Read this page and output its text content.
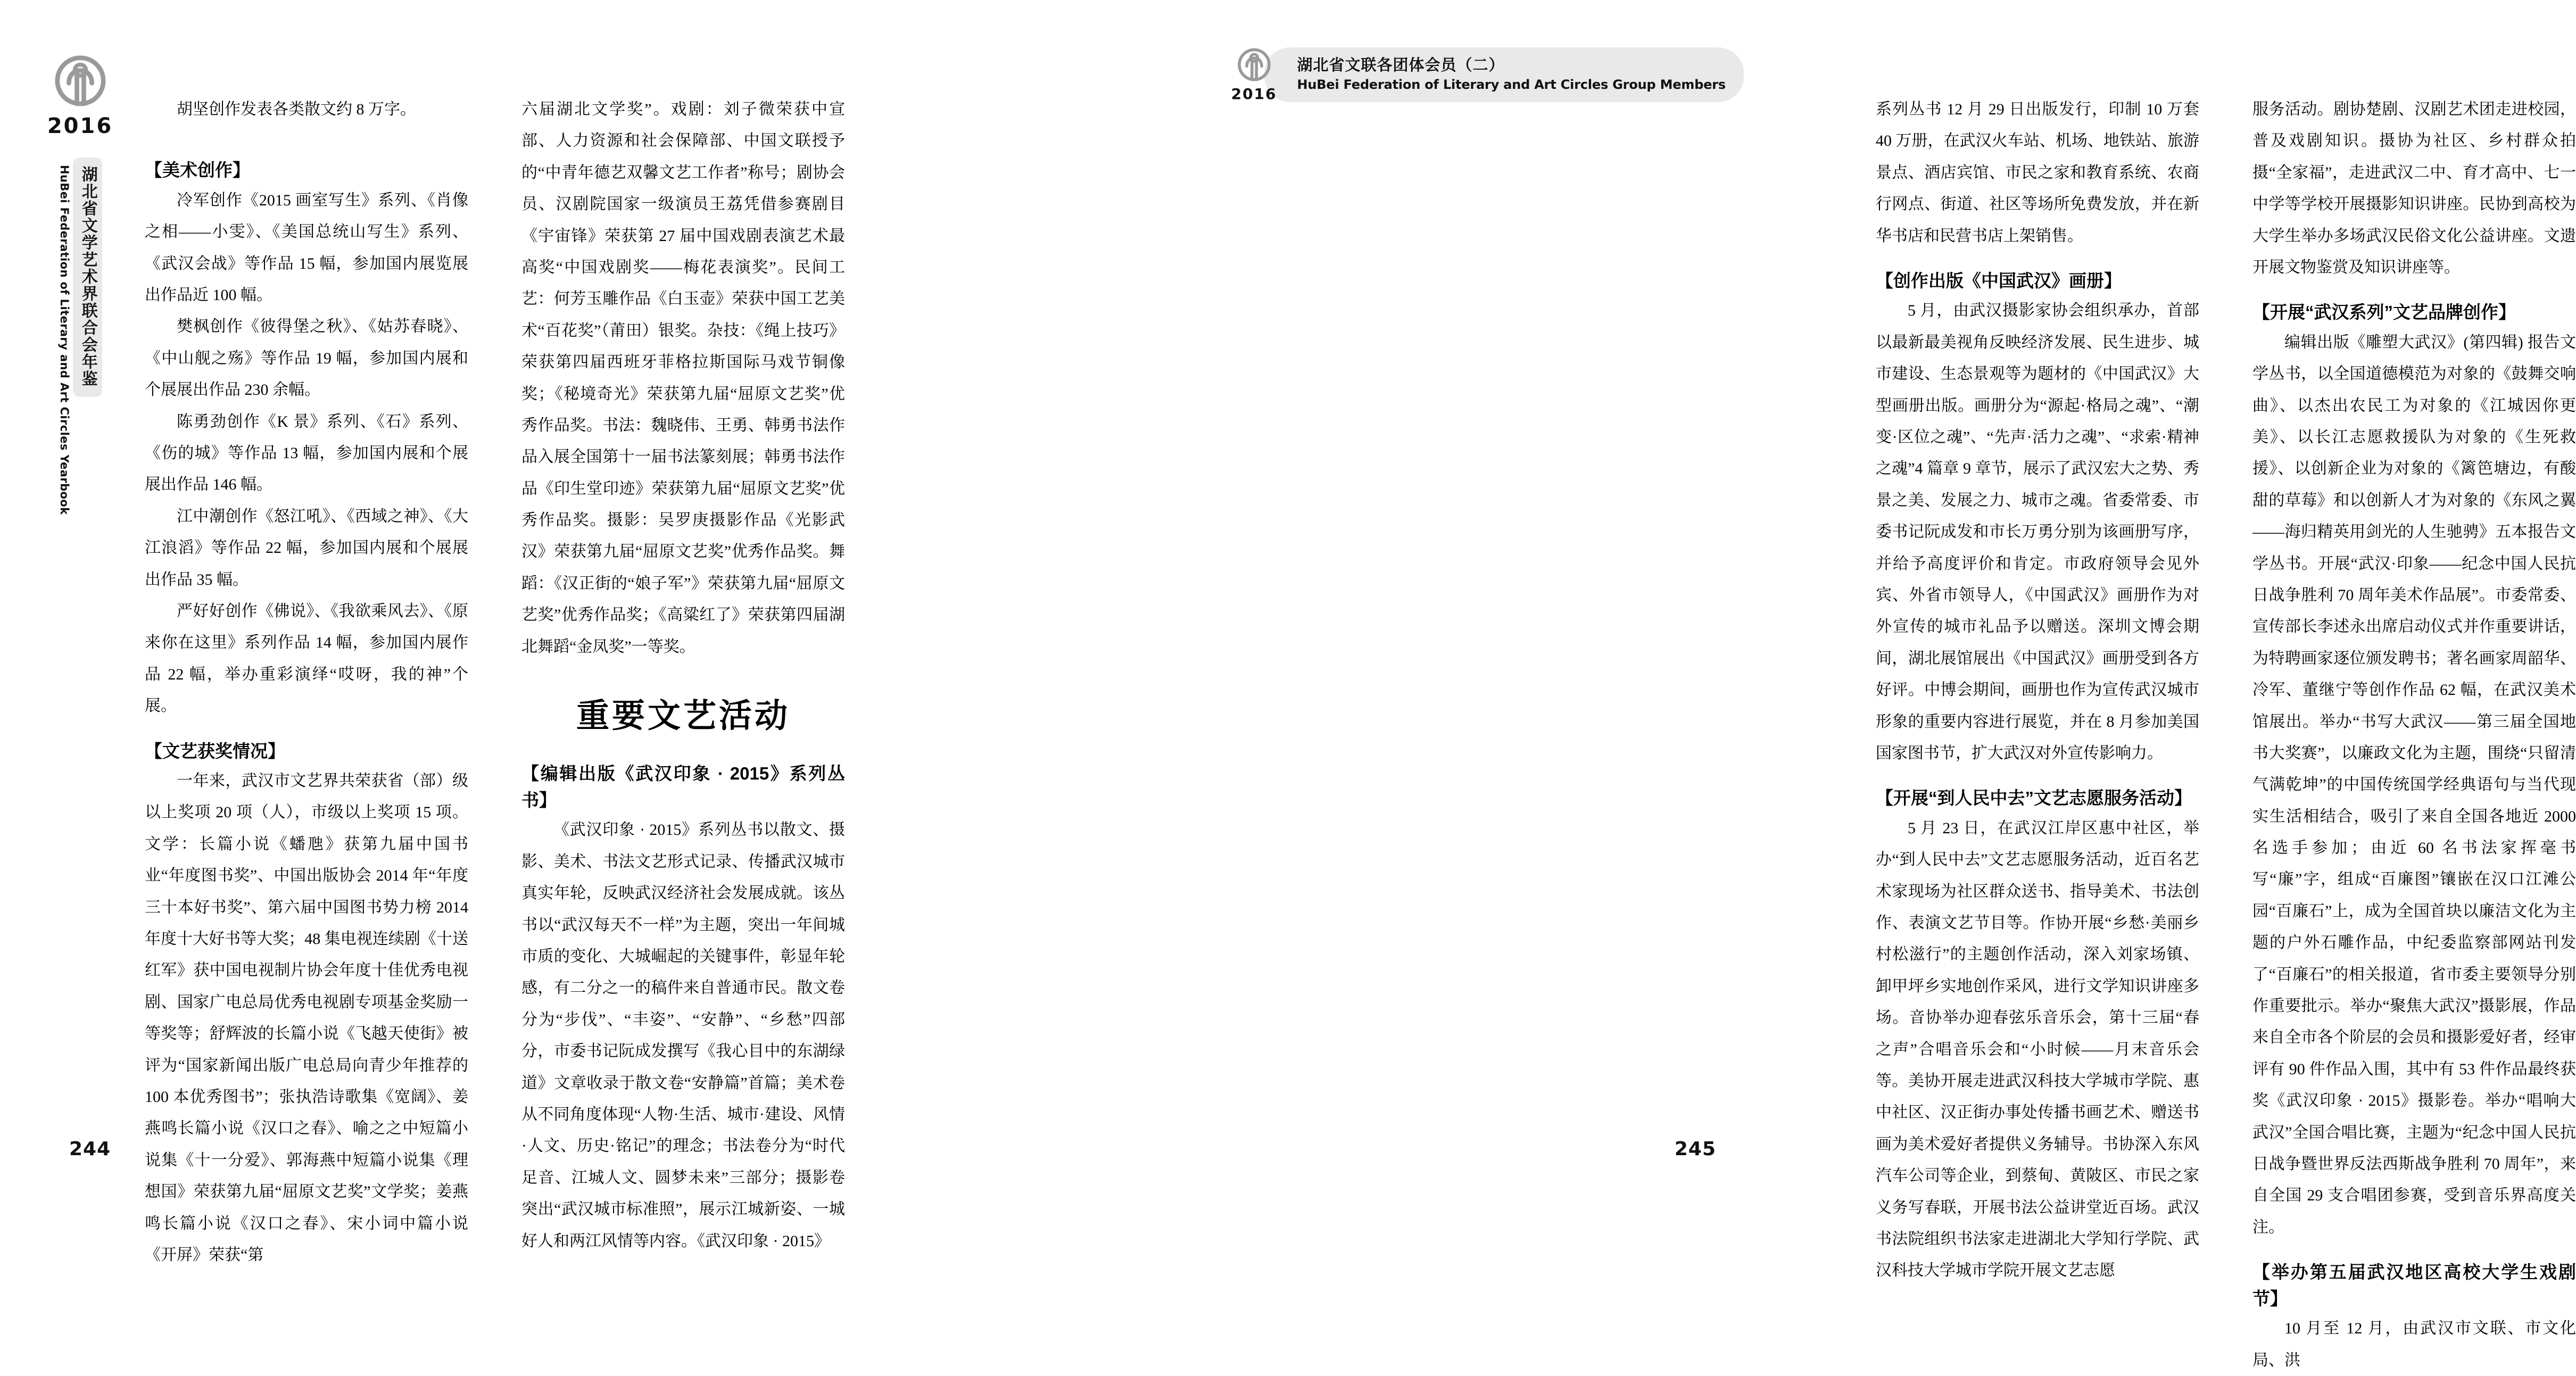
2016
湖北省文学艺术界联合会年鉴
HuBei Federation of Literary and Art Circles Yearbook

胡坚创作发表各类散文约 8 万字。

【美术创作】

冷军创作《2015 画室写生》系列、《肖像之相——小雯》、《美国总统山写生》系列、《武汉会战》等作品 15 幅，参加国内展览展出作品近 100 幅。

樊枫创作《彼得堡之秋》、《姑苏春晓》、《中山舰之殇》等作品 19 幅，参加国内展和个展展出作品 230 余幅。

陈勇劲创作《K 景》系列、《石》系列、《伤的城》等作品 13 幅，参加国内展和个展展出作品 146 幅。

江中潮创作《怒江吼》、《西域之神》、《大江浪滔》等作品 22 幅，参加国内展和个展展出作品 35 幅。

严好好创作《佛说》、《我欲乘风去》、《原来你在这里》系列作品 14 幅，参加国内展作品 22 幅，举办重彩演绎“哎呀，我的神”个展。

【文艺获奖情况】

一年来，武汉市文艺界共荣获省（部）级以上奖项 20 项（人），市级以上奖项 15 项。文学：长篇小说《蟠虺》获第九届中国书业“年度图书奖”、中国出版协会 2014 年“年度三十本好书奖”、第六届中国图书势力榜 2014 年度十大好书等大奖；48 集电视连续剧《十送红军》获中国电视制片协会年度十佳优秀电视剧、国家广电总局优秀电视剧专项基金奖励一等奖等；舒辉波的长篇小说《飞越天使街》被评为“国家新闻出版广电总局向青少年推荐的 100 本优秀图书”；张执浩诗歌集《宽阔》、姜燕鸣长篇小说《汉口之春》、喻之之中短篇小说集《十一分爱》、郭海燕中短篇小说集《理想国》荣获第九届“屈原文艺奖”文学奖；姜燕鸣长篇小说《汉口之春》、宋小词中篇小说《开屏》荣获“第

六届湖北文学奖”。戏剧：刘子微荣获中宣部、人力资源和社会保障部、中国文联授予的“中青年德艺双馨文艺工作者”称号；剧协会员、汉剧院国家一级演员王荔凭借参赛剧目《宇宙锋》荣获第 27 届中国戏剧表演艺术最高奖“中国戏剧奖——梅花表演奖”。民间工艺：何芳玉雕作品《白玉壶》荣获中国工艺美术“百花奖”（莆田）银奖。杂技：《绳上技巧》荣获第四届西班牙菲格拉斯国际马戏节铜像奖；《秘境奇光》荣获第九届“屈原文艺奖”优秀作品奖。书法：魏晓伟、王勇、韩勇书法作品入展全国第十一届书法篆刻展；韩勇书法作品《印生堂印迹》荣获第九届“屈原文艺奖”优秀作品奖。摄影：吴罗庚摄影作品《光影武汉》荣获第九届“屈原文艺奖”优秀作品奖。舞蹈：《汉正街的“娘子军”》荣获第九届“屈原文艺奖”优秀作品奖；《高粱红了》荣获第四届湖北舞蹈“金凤奖”一等奖。

重要文艺活动
【编辑出版《武汉印象 · 2015》系列丛书】

《武汉印象 · 2015》系列丛书以散文、摄影、美术、书法文艺形式记录、传播武汉城市真实年轮，反映武汉经济社会发展成就。该丛书以“武汉每天不一样”为主题，突出一年间城市质的变化、大城崛起的关键事件，彰显年轮感，有二分之一的稿件来自普通市民。散文卷分为“步伐”、“丰姿”、“安静”、“乡愁”四部分，市委书记阮成发撰写《我心目中的东湖绿道》文章收录于散文卷“安静篇”首篇；美术卷从不同角度体现“人物·生活、城市·建设、风情·人文、历史·铭记”的理念；书法卷分为“时代足音、江城人文、圆梦未来”三部分；摄影卷突出“武汉城市标准照”，展示江城新姿、一城好人和两江风情等内容。《武汉印象 · 2015》

244
2016
湖北省文联各团体会员（二）
HuBei Federation of Literary and Art Circles Group Members

系列丛书 12 月 29 日出版发行，印制 10 万套 40 万册，在武汉火车站、机场、地铁站、旅游景点、酒店宾馆、市民之家和教育系统、农商行网点、街道、社区等场所免费发放，并在新华书店和民营书店上架销售。

【创作出版《中国武汉》画册】

5 月，由武汉摄影家协会组织承办，首部以最新最美视角反映经济发展、民生进步、城市建设、生态景观等为题材的《中国武汉》大型画册出版。画册分为“源起·格局之魂”、“潮变·区位之魂”、“先声·活力之魂”、“求索·精神之魂”4 篇章 9 章节，展示了武汉宏大之势、秀景之美、发展之力、城市之魂。省委常委、市委书记阮成发和市长万勇分别为该画册写序，并给予高度评价和肯定。市政府领导会见外宾、外省市领导人，《中国武汉》画册作为对外宣传的城市礼品予以赠送。深圳文博会期间，湖北展馆展出《中国武汉》画册受到各方好评。中博会期间，画册也作为宣传武汉城市形象的重要内容进行展览，并在 8 月参加美国国家图书节，扩大武汉对外宣传影响力。

【开展“到人民中去”文艺志愿服务活动】

5 月 23 日，在武汉江岸区惠中社区，举办“到人民中去”文艺志愿服务活动，近百名艺术家现场为社区群众送书、指导美术、书法创作、表演文艺节目等。作协开展“乡愁·美丽乡村松滋行”的主题创作活动，深入刘家场镇、卸甲坪乡实地创作采风，进行文学知识讲座多场。音协举办迎春弦乐音乐会，第十三届“春之声”合唱音乐会和“小时候——月末音乐会等。美协开展走进武汉科技大学城市学院、惠中社区、汉正街办事处传播书画艺术、赠送书画为美术爱好者提供义务辅导。书协深入东风汽车公司等企业，到蔡甸、黄陂区、市民之家义务写春联，开展书法公益讲堂近百场。武汉书法院组织书法家走进湖北大学知行学院、武汉科技大学城市学院开展文艺志愿

服务活动。剧协楚剧、汉剧艺术团走进校园，普及戏剧知识。摄协为社区、乡村群众拍摄“全家福”，走进武汉二中、育才高中、七一中学等学校开展摄影知识讲座。民协到高校为大学生举办多场武汉民俗文化公益讲座。文遗开展文物鉴赏及知识讲座等。

【开展“武汉系列”文艺品牌创作】

编辑出版《雕塑大武汉》(第四辑) 报告文学丛书，以全国道德模范为对象的《鼓舞交响曲》、以杰出农民工为对象的《江城因你更美》、以长江志愿救援队为对象的《生死救援》、以创新企业为对象的《篱笆塘边，有酸甜的草莓》和以创新人才为对象的《东风之翼——海归精英用剑光的人生驰骋》五本报告文学丛书。开展“武汉·印象——纪念中国人民抗日战争胜利 70 周年美术作品展”。市委常委、宣传部长李述永出席启动仪式并作重要讲话，为特聘画家逐位颁发聘书；著名画家周韶华、冷军、董继宁等创作作品 62 幅，在武汉美术馆展出。举办“书写大武汉——第三届全国地书大奖赛”，以廉政文化为主题，围绕“只留清气满乾坤”的中国传统国学经典语句与当代现实生活相结合，吸引了来自全国各地近 2000 名选手参加；由近 60 名书法家挥毫书写“廉”字，组成“百廉图”镶嵌在汉口江滩公园“百廉石”上，成为全国首块以廉洁文化为主题的户外石雕作品，中纪委监察部网站刊发了“百廉石”的相关报道，省市委主要领导分别作重要批示。举办“聚焦大武汉”摄影展，作品来自全市各个阶层的会员和摄影爱好者，经审评有 90 件作品入围，其中有 53 件作品最终获奖《武汉印象 · 2015》摄影卷。举办“唱响大武汉”全国合唱比赛，主题为“纪念中国人民抗日战争暨世界反法西斯战争胜利 70 周年”，来自全国 29 支合唱团参赛，受到音乐界高度关注。

【举办第五届武汉地区高校大学生戏剧节】

10 月至 12 月，由武汉市文联、市文化局、洪

245
